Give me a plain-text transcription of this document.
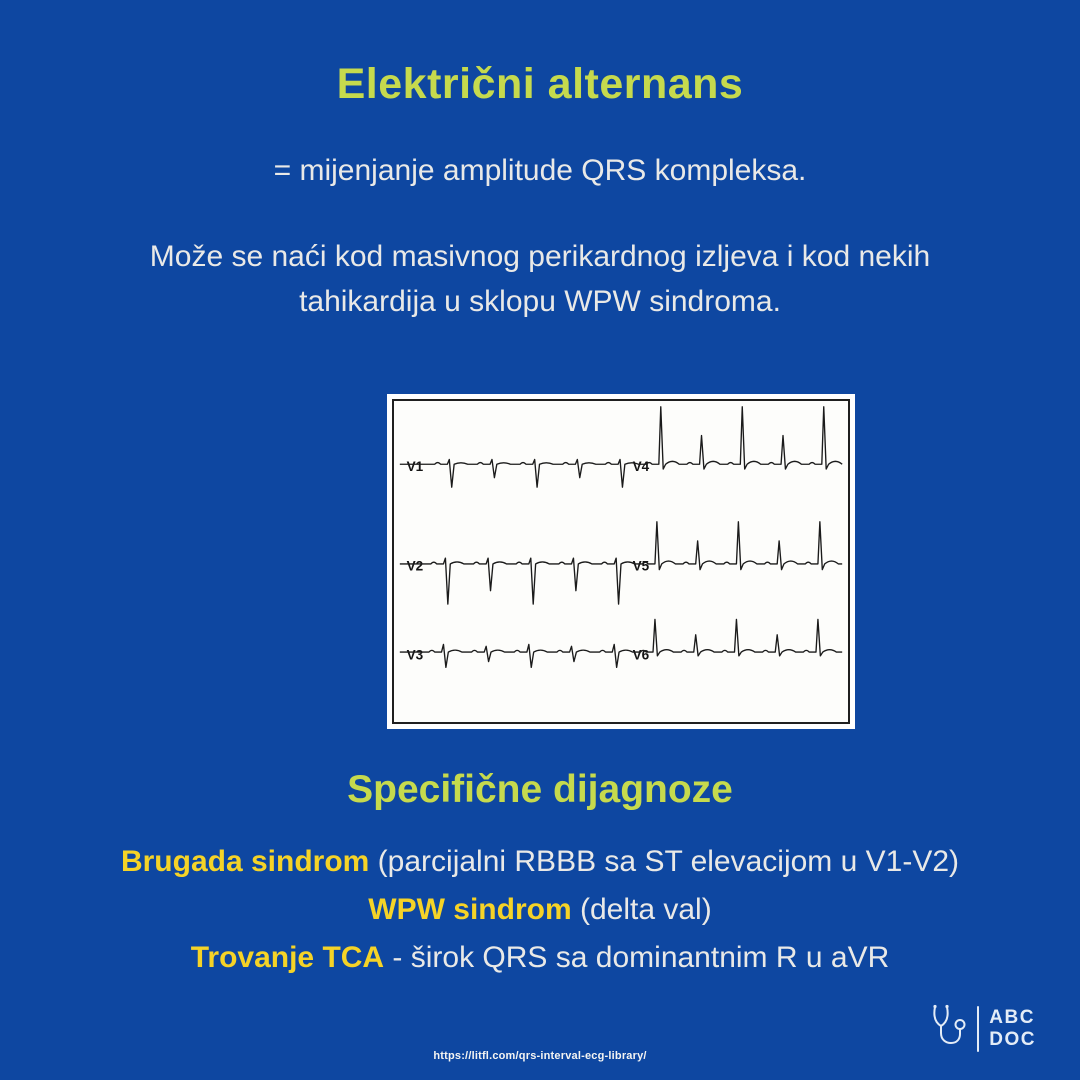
Električni alternans

= mijenjanje amplitude QRS kompleksa.

Može se naći kod masivnog perikardnog izljeva i kod nekih tahikardija u sklopu WPW sindroma.

V1	V4
V2	V5
V3	V6
Specifične dijagnoze

Brugada sindrom (parcijalni RBBB sa ST elevacijom u V1-V2)

WPW sindrom (delta val)

Trovanje TCA - širok QRS sa dominantnim R u aVR

ABC
DOC
https://litfl.com/qrs-interval-ecg-library/
